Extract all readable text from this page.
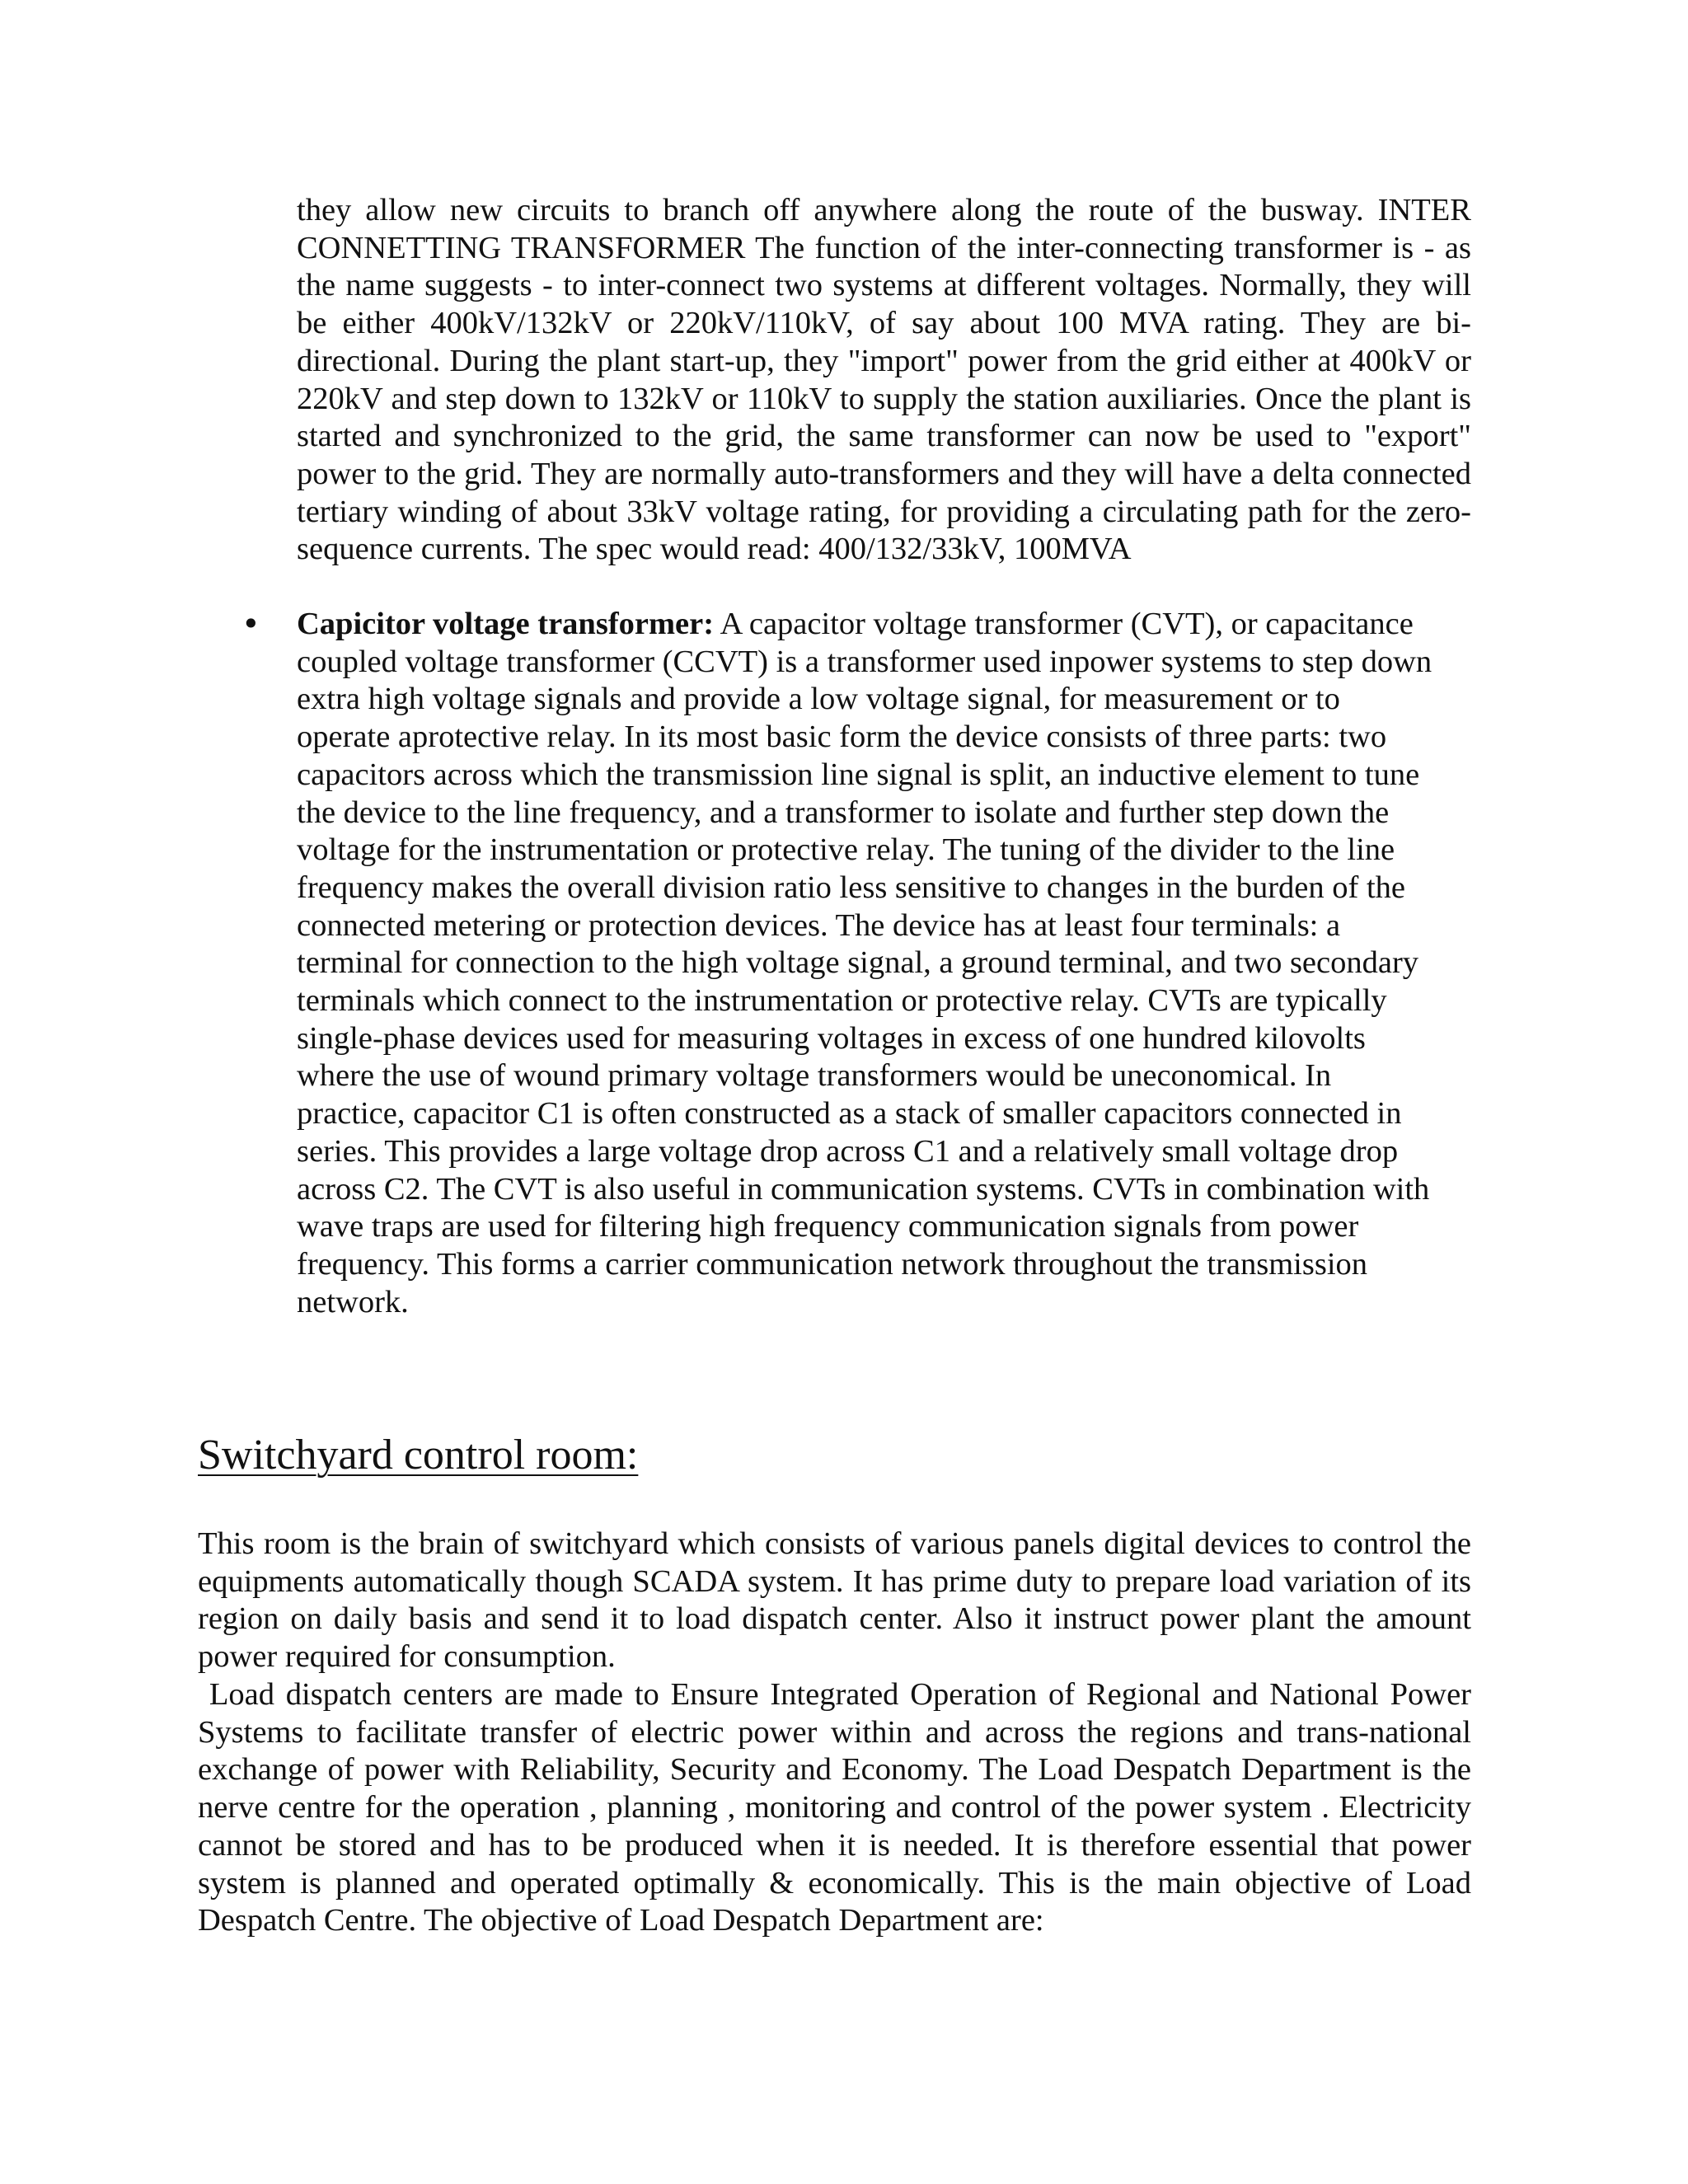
they allow new circuits to branch off anywhere along the route of the busway. INTER CONNETTING TRANSFORMER The function of the inter-connecting transformer is - as the name suggests - to inter-connect two systems at different voltages. Normally, they will be either 400kV/132kV or 220kV/110kV, of say about 100 MVA rating. They are bi-directional. During the plant start-up, they "import" power from the grid either at 400kV or 220kV and step down to 132kV or 110kV to supply the station auxiliaries. Once the plant is started and synchronized to the grid, the same transformer can now be used to "export" power to the grid. They are normally auto-transformers and they will have a delta connected tertiary winding of about 33kV voltage rating, for providing a circulating path for the zero-sequence currents. The spec would read: 400/132/33kV, 100MVA

• Capicitor voltage transformer: A capacitor voltage transformer (CVT), or capacitance
coupled voltage transformer (CCVT) is a transformer used inpower systems to step down
extra high voltage signals and provide a low voltage signal, for measurement or to
operate aprotective relay. In its most basic form the device consists of three parts: two
capacitors across which the transmission line signal is split, an inductive element to tune
the device to the line frequency, and a transformer to isolate and further step down the
voltage for the instrumentation or protective relay. The tuning of the divider to the line
frequency makes the overall division ratio less sensitive to changes in the burden of the
connected metering or protection devices. The device has at least four terminals: a
terminal for connection to the high voltage signal, a ground terminal, and two secondary
terminals which connect to the instrumentation or protective relay. CVTs are typically
single-phase devices used for measuring voltages in excess of one hundred kilovolts
where the use of wound primary voltage transformers would be uneconomical. In
practice, capacitor C1 is often constructed as a stack of smaller capacitors connected in
series. This provides a large voltage drop across C1 and a relatively small voltage drop
across C2. The CVT is also useful in communication systems. CVTs in combination with
wave traps are used for filtering high frequency communication signals from power
frequency. This forms a carrier communication network throughout the transmission
network.
Switchyard control room:

This room is the brain of switchyard which consists of various panels digital devices to control the equipments automatically though SCADA system. It has prime duty to prepare load variation of its region on daily basis and send it to load dispatch center. Also it instruct power plant the amount power required for consumption.

Load dispatch centers are made to Ensure Integrated Operation of Regional and National Power Systems to facilitate transfer of electric power within and across the regions and trans-national exchange of power with Reliability, Security and Economy. The Load Despatch Department is the nerve centre for the operation , planning , monitoring and control of the power system . Electricity cannot be stored and has to be produced when it is needed. It is therefore essential that power system is planned and operated optimally & economically. This is the main objective of Load Despatch Centre. The objective of Load Despatch Department are:
